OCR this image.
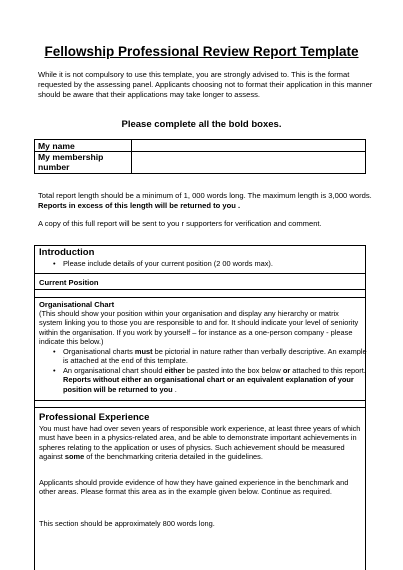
Fellowship Professional Review Report Template

While it is not compulsory to use this template, you are strongly advised to. This is the format requested by the assessing panel. Applicants choosing not to format their application in this manner should be aware that their applications may take longer to assess.

Please complete all the bold boxes.

My name
My membership number

Total report length should be a minimum of 1, 000 words long. The maximum length is 3,000 words. Reports in excess of this length will be returned to you .

A copy of this full report will be sent to you r supporters for verification and comment.

Introduction

• Please include details of your current position (2 00 words max).

Current Position

Organisational Chart

(This should show your position within your organisation and display any hierarchy or matrix system linking you to those you are responsible to and for. It should indicate your level of seniority within the organisation. If you work by yourself – for instance as a one-person company - please indicate this below.)

• Organisational charts must be pictorial in nature rather than verbally descriptive. An example is attached at the end of this template.

• An organisational chart should either be pasted into the box below or attached to this report. Reports without either an organisational chart or an equivalent explanation of your position will be returned to you .

Professional Experience

You must have had over seven years of responsible work experience, at least three years of which must have been in a physics-related area, and be able to demonstrate important achievements in spheres relating to the application or uses of physics. Such achievement should be measured against some of the benchmarking criteria detailed in the guidelines.

Applicants should provide evidence of how they have gained experience in the benchmark and other areas. Please format this area as in the example given below. Continue as required.

This section should be approximately 800 words long.
